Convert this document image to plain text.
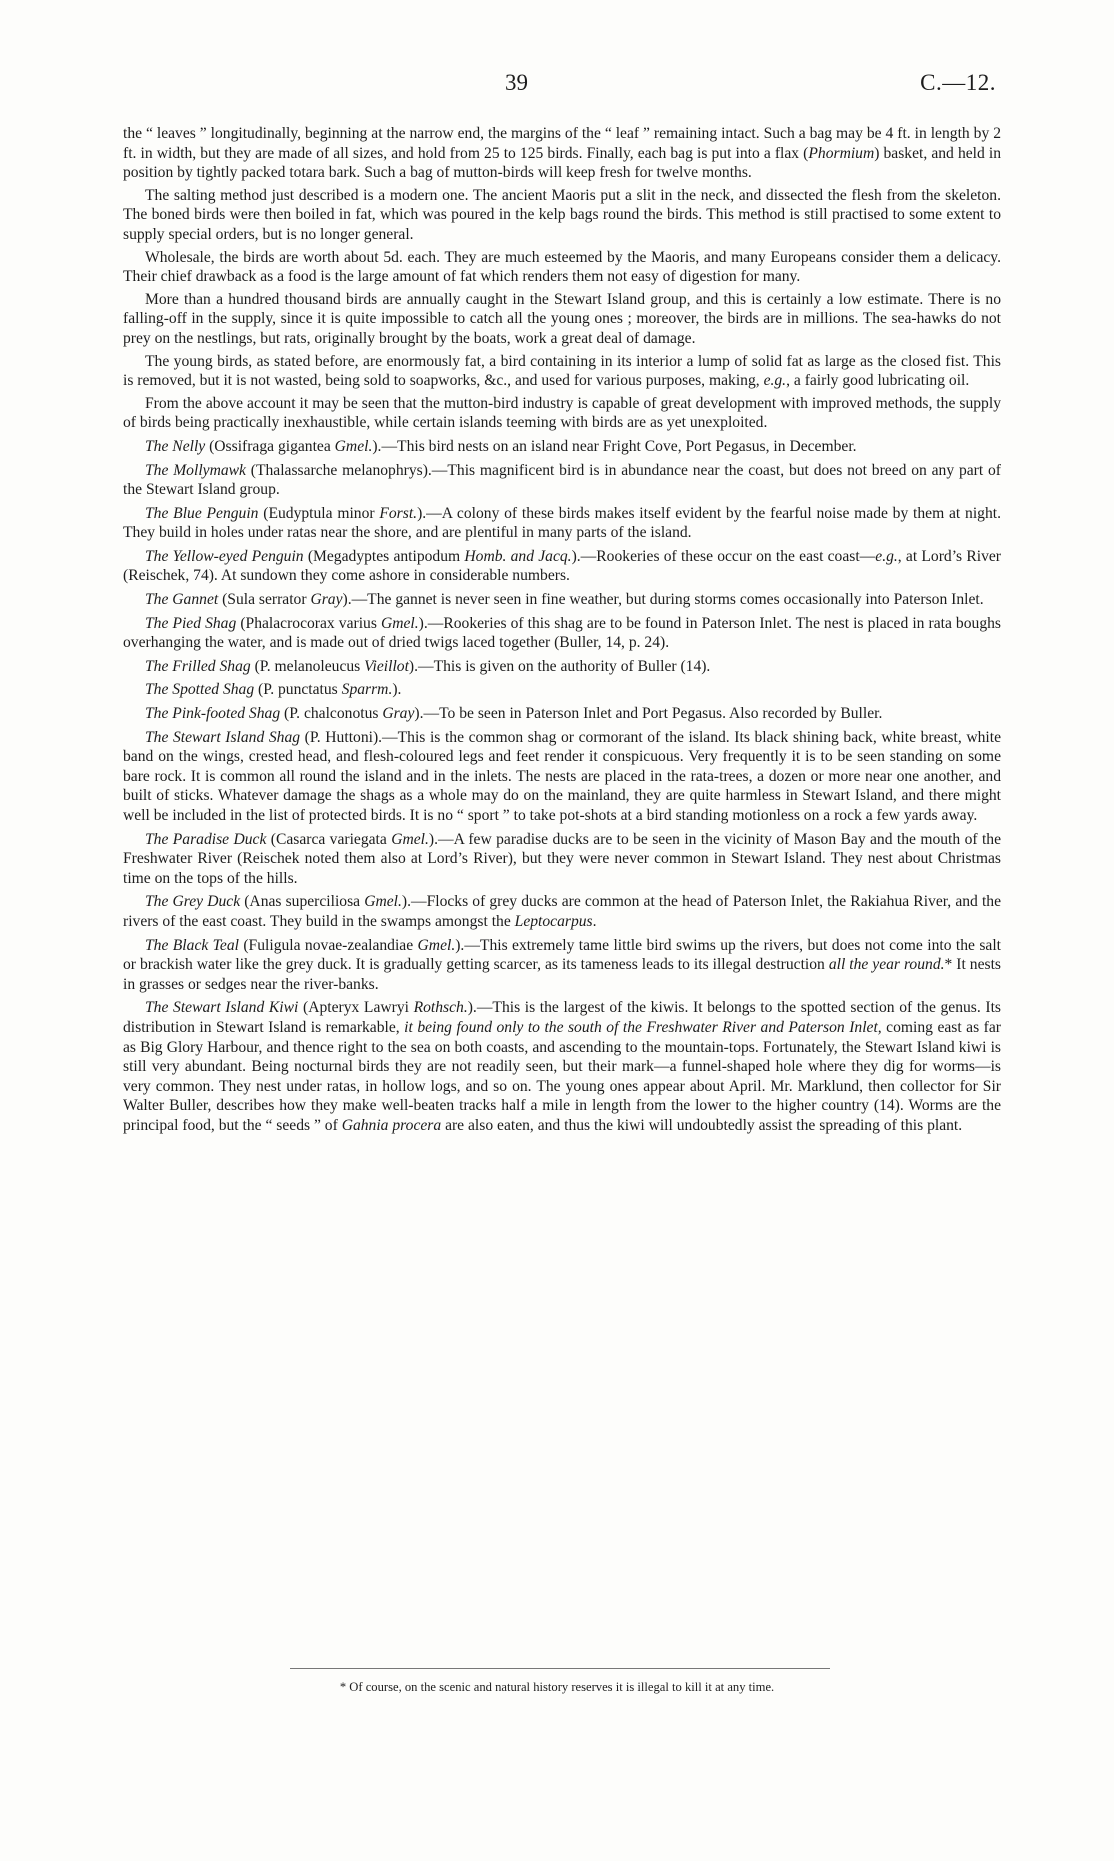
39	C.—12.

the “ leaves ” longitudinally, beginning at the narrow end, the margins of the “ leaf ” remaining intact. Such a bag may be 4 ft. in length by 2 ft. in width, but they are made of all sizes, and hold from 25 to 125 birds. Finally, each bag is put into a flax (Phormium) basket, and held in position by tightly packed totara bark. Such a bag of mutton-birds will keep fresh for twelve months.

The salting method just described is a modern one. The ancient Maoris put a slit in the neck, and dissected the flesh from the skeleton. The boned birds were then boiled in fat, which was poured in the kelp bags round the birds. This method is still practised to some extent to supply special orders, but is no longer general.

Wholesale, the birds are worth about 5d. each. They are much esteemed by the Maoris, and many Europeans consider them a delicacy. Their chief drawback as a food is the large amount of fat which renders them not easy of digestion for many.

More than a hundred thousand birds are annually caught in the Stewart Island group, and this is certainly a low estimate. There is no falling-off in the supply, since it is quite impossible to catch all the young ones ; moreover, the birds are in millions. The sea-hawks do not prey on the nestlings, but rats, originally brought by the boats, work a great deal of damage.

The young birds, as stated before, are enormously fat, a bird containing in its interior a lump of solid fat as large as the closed fist. This is removed, but it is not wasted, being sold to soapworks, &c., and used for various purposes, making, e.g., a fairly good lubricating oil.

From the above account it may be seen that the mutton-bird industry is capable of great development with improved methods, the supply of birds being practically inexhaustible, while certain islands teeming with birds are as yet unexploited.

The Nelly (Ossifraga gigantea Gmel.).—This bird nests on an island near Fright Cove, Port Pegasus, in December.

The Mollymawk (Thalassarche melanophrys).—This magnificent bird is in abundance near the coast, but does not breed on any part of the Stewart Island group.

The Blue Penguin (Eudyptula minor Forst.).—A colony of these birds makes itself evident by the fearful noise made by them at night. They build in holes under ratas near the shore, and are plentiful in many parts of the island.

The Yellow-eyed Penguin (Megadyptes antipodum Homb. and Jacq.).—Rookeries of these occur on the east coast—e.g., at Lord’s River (Reischek, 74). At sundown they come ashore in considerable numbers.

The Gannet (Sula serrator Gray).—The gannet is never seen in fine weather, but during storms comes occasionally into Paterson Inlet.

The Pied Shag (Phalacrocorax varius Gmel.).—Rookeries of this shag are to be found in Paterson Inlet. The nest is placed in rata boughs overhanging the water, and is made out of dried twigs laced together (Buller, 14, p. 24).

The Frilled Shag (P. melanoleucus Vieillot).—This is given on the authority of Buller (14).

The Spotted Shag (P. punctatus Sparrm.).

The Pink-footed Shag (P. chalconotus Gray).—To be seen in Paterson Inlet and Port Pegasus. Also recorded by Buller.

The Stewart Island Shag (P. Huttoni).—This is the common shag or cormorant of the island. Its black shining back, white breast, white band on the wings, crested head, and flesh-coloured legs and feet render it conspicuous. Very frequently it is to be seen standing on some bare rock. It is common all round the island and in the inlets. The nests are placed in the rata-trees, a dozen or more near one another, and built of sticks. Whatever damage the shags as a whole may do on the mainland, they are quite harmless in Stewart Island, and there might well be included in the list of protected birds. It is no “ sport ” to take pot-shots at a bird standing motionless on a rock a few yards away.

The Paradise Duck (Casarca variegata Gmel.).—A few paradise ducks are to be seen in the vicinity of Mason Bay and the mouth of the Freshwater River (Reischek noted them also at Lord’s River), but they were never common in Stewart Island. They nest about Christmas time on the tops of the hills.

The Grey Duck (Anas superciliosa Gmel.).—Flocks of grey ducks are common at the head of Paterson Inlet, the Rakiahua River, and the rivers of the east coast. They build in the swamps amongst the Leptocarpus.

The Black Teal (Fuligula novae-zealandiae Gmel.).—This extremely tame little bird swims up the rivers, but does not come into the salt or brackish water like the grey duck. It is gradually getting scarcer, as its tameness leads to its illegal destruction all the year round.* It nests in grasses or sedges near the river-banks.

The Stewart Island Kiwi (Apteryx Lawryi Rothsch.).—This is the largest of the kiwis. It belongs to the spotted section of the genus. Its distribution in Stewart Island is remarkable, it being found only to the south of the Freshwater River and Paterson Inlet, coming east as far as Big Glory Harbour, and thence right to the sea on both coasts, and ascending to the mountain-tops. Fortunately, the Stewart Island kiwi is still very abundant. Being nocturnal birds they are not readily seen, but their mark—a funnel-shaped hole where they dig for worms—is very common. They nest under ratas, in hollow logs, and so on. The young ones appear about April. Mr. Marklund, then collector for Sir Walter Buller, describes how they make well-beaten tracks half a mile in length from the lower to the higher country (14). Worms are the principal food, but the “ seeds ” of Gahnia procera are also eaten, and thus the kiwi will undoubtedly assist the spreading of this plant.

* Of course, on the scenic and natural history reserves it is illegal to kill it at any time.
